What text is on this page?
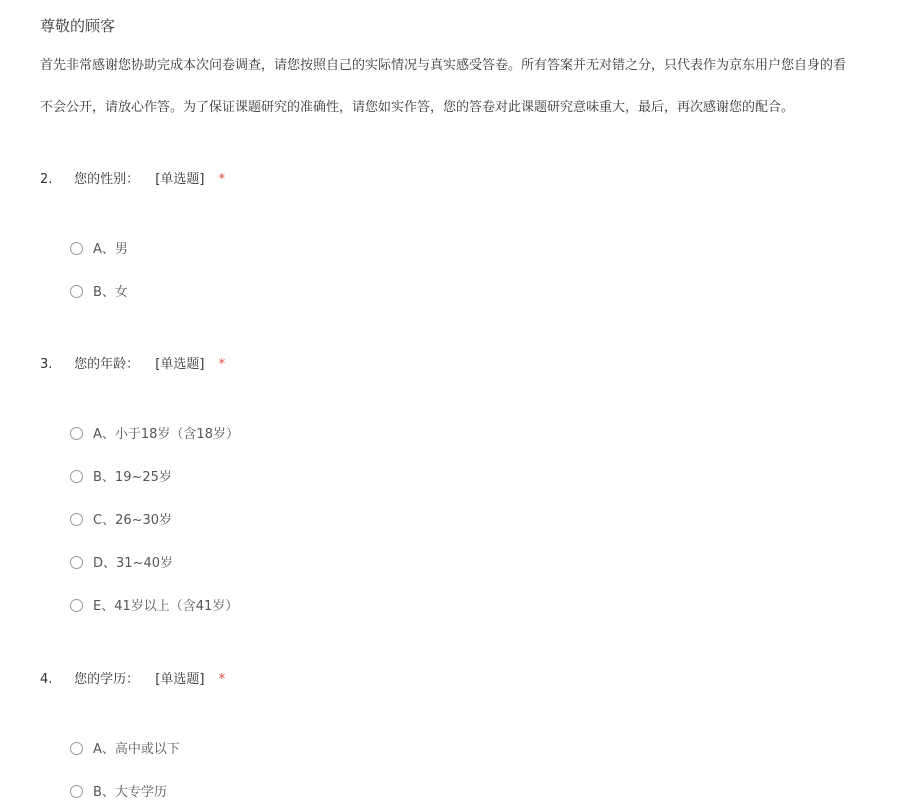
尊敬的顾客
首先非常感谢您协助完成本次问卷调查，请您按照自己的实际情况与真实感受答卷。所有答案并无对错之分，只代表作为京东用户您自身的看
不会公开，请放心作答。为了保证课题研究的准确性，请您如实作答，您的答卷对此课题研究意味重大，最后，再次感谢您的配合。
2. 您的性别： [单选题] *
A、男
B、女
3. 您的年龄： [单选题] *
A、小于18岁（含18岁）
B、19~25岁
C、26~30岁
D、31~40岁
E、41岁以上（含41岁）
4. 您的学历： [单选题] *
A、高中或以下
B、大专学历
